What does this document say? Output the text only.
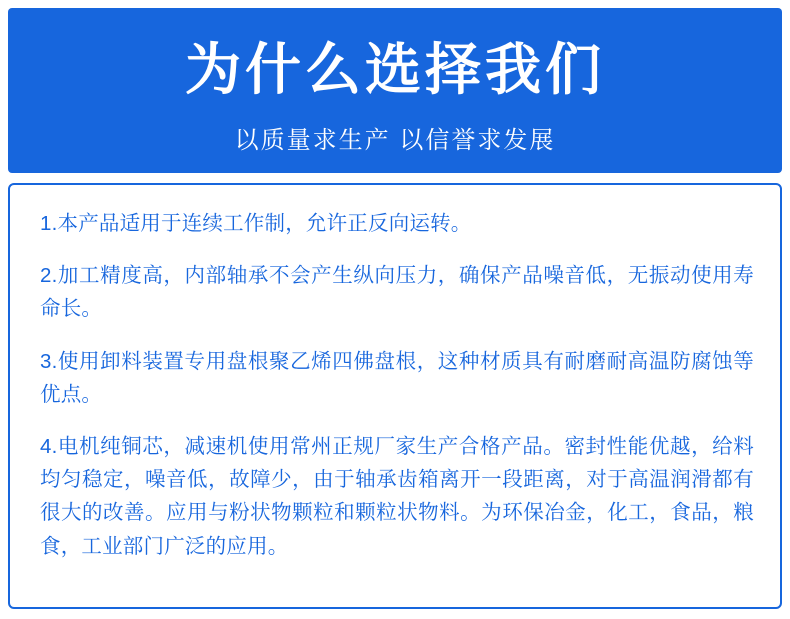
为什么选择我们
以质量求生产 以信誉求发展

1.本产品适用于连续工作制，允许正反向运转。

2.加工精度高，内部轴承不会产生纵向压力，确保产品噪音低，无振动使用寿命长。

3.使用卸料装置专用盘根聚乙烯四佛盘根，这种材质具有耐磨耐高温防腐蚀等优点。

4.电机纯铜芯，减速机使用常州正规厂家生产合格产品。密封性能优越，给料均匀稳定，噪音低，故障少，由于轴承齿箱离开一段距离，对于高温润滑都有很大的改善。应用与粉状物颗粒和颗粒状物料。为环保冶金，化工，食品，粮食，工业部门广泛的应用。
